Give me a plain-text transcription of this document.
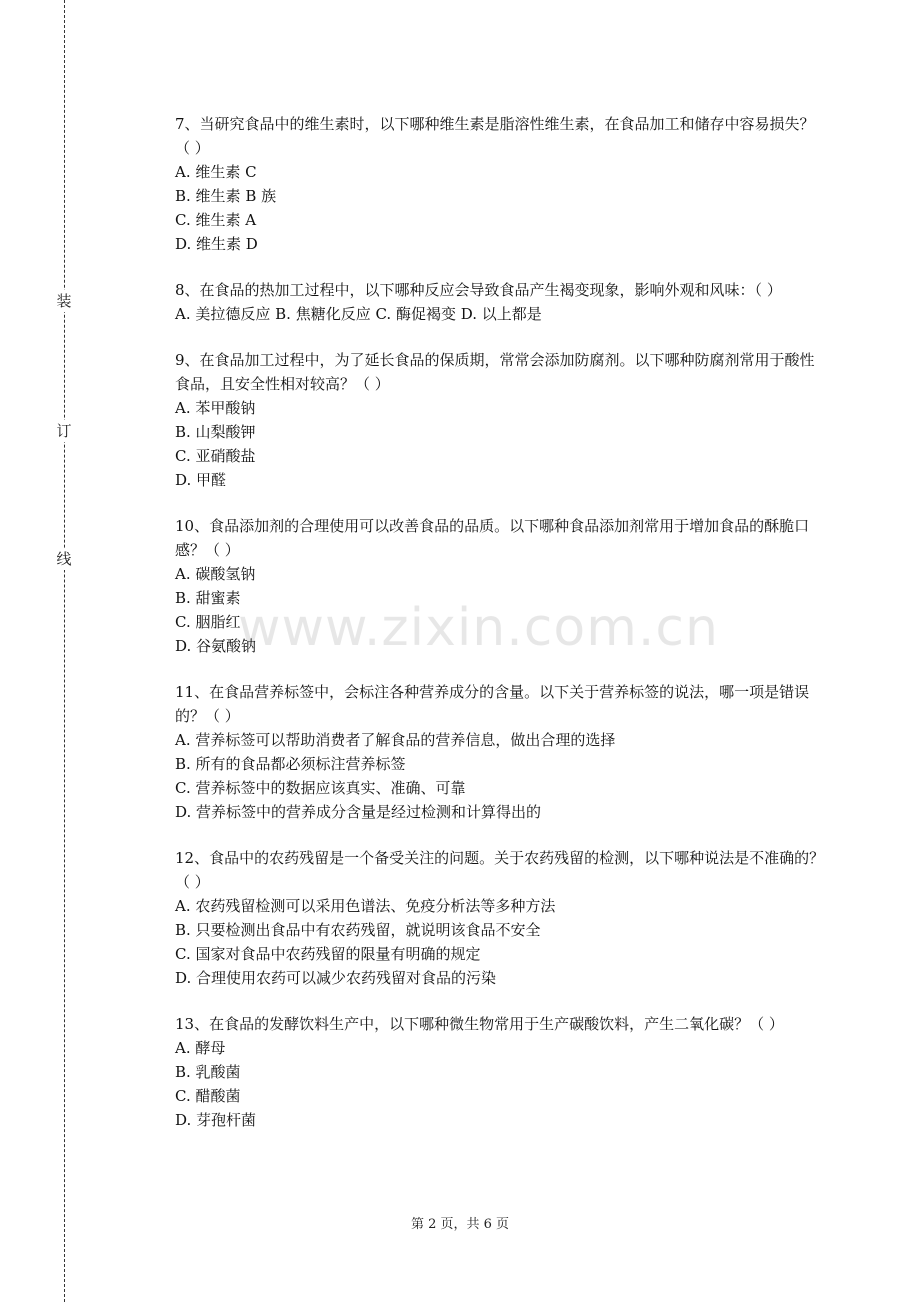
装
订
线

7、当研究食品中的维生素时，以下哪种维生素是脂溶性维生素，在食品加工和储存中容易损失？（ ）

A. 维生素 C

B. 维生素 B 族

C. 维生素 A

D. 维生素 D

8、在食品的热加工过程中，以下哪种反应会导致食品产生褐变现象，影响外观和风味：（ ）

A. 美拉德反应 B. 焦糖化反应 C. 酶促褐变 D. 以上都是

9、在食品加工过程中，为了延长食品的保质期，常常会添加防腐剂。以下哪种防腐剂常用于酸性食品，且安全性相对较高？（ ）

A. 苯甲酸钠

B. 山梨酸钾

C. 亚硝酸盐

D. 甲醛

10、食品添加剂的合理使用可以改善食品的品质。以下哪种食品添加剂常用于增加食品的酥脆口感？（ ）

A. 碳酸氢钠

B. 甜蜜素

C. 胭脂红

D. 谷氨酸钠

11、在食品营养标签中，会标注各种营养成分的含量。以下关于营养标签的说法，哪一项是错误的？（ ）

A. 营养标签可以帮助消费者了解食品的营养信息，做出合理的选择

B. 所有的食品都必须标注营养标签

C. 营养标签中的数据应该真实、准确、可靠

D. 营养标签中的营养成分含量是经过检测和计算得出的

12、食品中的农药残留是一个备受关注的问题。关于农药残留的检测，以下哪种说法是不准确的？（ ）

A. 农药残留检测可以采用色谱法、免疫分析法等多种方法

B. 只要检测出食品中有农药残留，就说明该食品不安全

C. 国家对食品中农药残留的限量有明确的规定

D. 合理使用农药可以减少农药残留对食品的污染

13、在食品的发酵饮料生产中，以下哪种微生物常用于生产碳酸饮料，产生二氧化碳？（ ）

A. 酵母

B. 乳酸菌

C. 醋酸菌

D. 芽孢杆菌

www.zixin.com.cn
第 2 页，共 6 页
